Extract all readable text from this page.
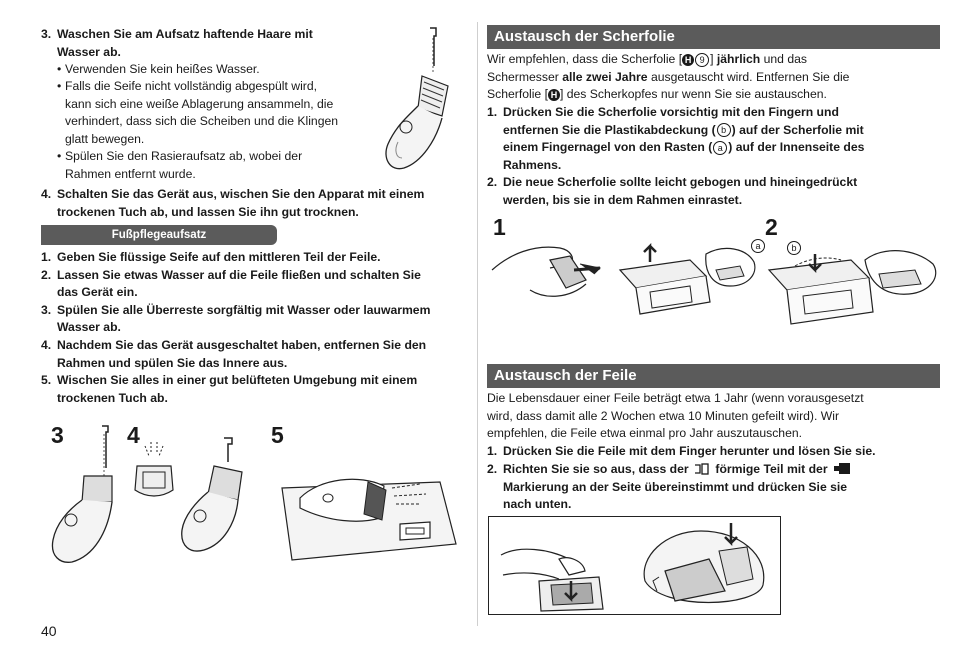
3. Waschen Sie am Aufsatz haftende Haare mit
Wasser ab.
• Verwenden Sie kein heißes Wasser.
• Falls die Seife nicht vollständig abgespült wird,
kann sich eine weiße Ablagerung ansammeln, die
verhindert, dass sich die Scheiben und die Klingen
glatt bewegen.
• Spülen Sie den Rasieraufsatz ab, wobei der
Rahmen entfernt wurde.
4. Schalten Sie das Gerät aus, wischen Sie den Apparat mit einem
trockenen Tuch ab, und lassen Sie ihn gut trocknen.
Fußpflegeaufsatz
1. Geben Sie flüssige Seife auf den mittleren Teil der Feile.
2. Lassen Sie etwas Wasser auf die Feile fließen und schalten Sie
das Gerät ein.
3. Spülen Sie alle Überreste sorgfältig mit Wasser oder lauwarmem
Wasser ab.
4. Nachdem Sie das Gerät ausgeschaltet haben, entfernen Sie den
Rahmen und spülen Sie das Innere aus.
5. Wischen Sie alles in einer gut belüfteten Umgebung mit einem
trockenen Tuch ab.
3	4	5
40
Austausch der Scherfolie
Wir empfehlen, dass die Scherfolie [ H 9 ] jährlich und das
Schermesser alle zwei Jahre ausgetauscht wird. Entfernen Sie die
Scherfolie [ H ] des Scherkopfes nur wenn Sie sie austauschen.
1. Drücken Sie die Scherfolie vorsichtig mit den Fingern und
entfernen Sie die Plastikabdeckung ( b ) auf der Scherfolie mit
einem Fingernagel von den Rasten ( a ) auf der Innenseite des
Rahmens.
2. Die neue Scherfolie sollte leicht gebogen und hineingedrückt
werden, bis sie in dem Rahmen einrastet.
1	2
a	b
Austausch der Feile
Die Lebensdauer einer Feile beträgt etwa 1 Jahr (wenn vorausgesetzt
wird, dass damit alle 2 Wochen etwa 10 Minuten gefeilt wird). Wir
empfehlen, die Feile etwa einmal pro Jahr auszutauschen.
1. Drücken Sie die Feile mit dem Finger herunter und lösen Sie sie.
2. Richten Sie sie so aus, dass der förmige Teil mit der
Markierung an der Seite übereinstimmt und drücken Sie sie
nach unten.
